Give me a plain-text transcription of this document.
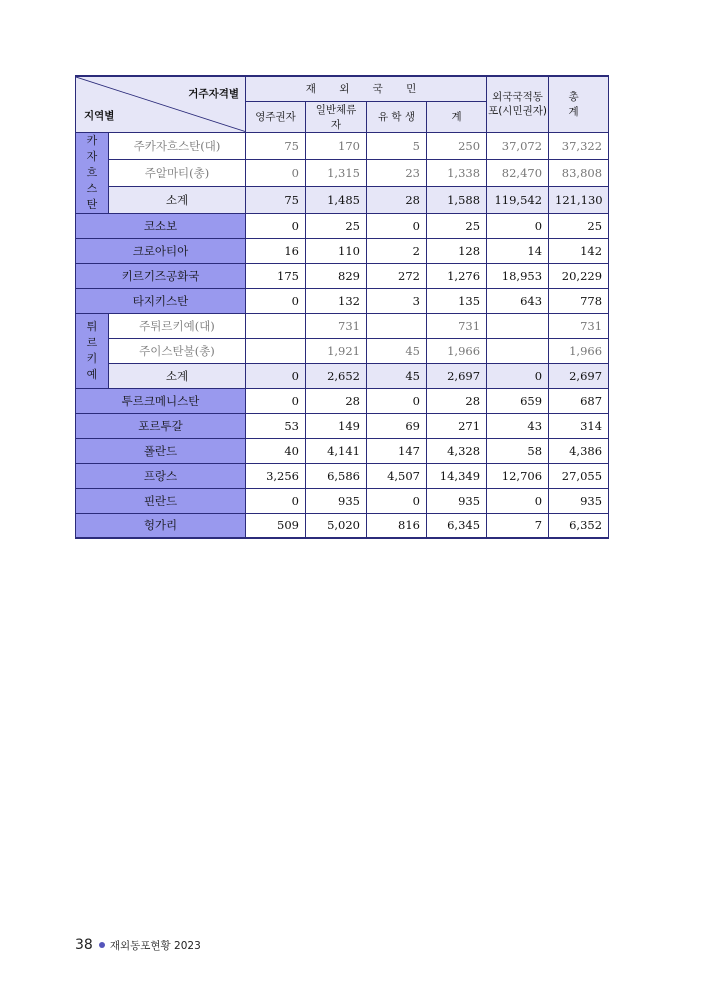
거주자격별
지역별		재 외 국 민				외국국적동포(시민권자)	총 계
		영주권자	일반체류자	유 학 생	계		
카자흐스탄	주카자흐스탄(대)	75	170	5	250	37,072	37,322
	주알마티(총)	0	1,315	23	1,338	82,470	83,808
	소계	75	1,485	28	1,588	119,542	121,130
코소보		0	25	0	25	0	25
크로아티아		16	110	2	128	14	142
키르기즈공화국		175	829	272	1,276	18,953	20,229
타지키스탄		0	132	3	135	643	778
튀르키예	주튀르키예(대)		731		731		731
	주이스탄불(총)		1,921	45	1,966		1,966
	소계	0	2,652	45	2,697	0	2,697
투르크메니스탄		0	28	0	28	659	687
포르투갈		53	149	69	271	43	314
폴란드		40	4,141	147	4,328	58	4,386
프랑스		3,256	6,586	4,507	14,349	12,706	27,055
핀란드		0	935	0	935	0	935
헝가리		509	5,020	816	6,345	7	6,352
38 재외동포현황 2023
